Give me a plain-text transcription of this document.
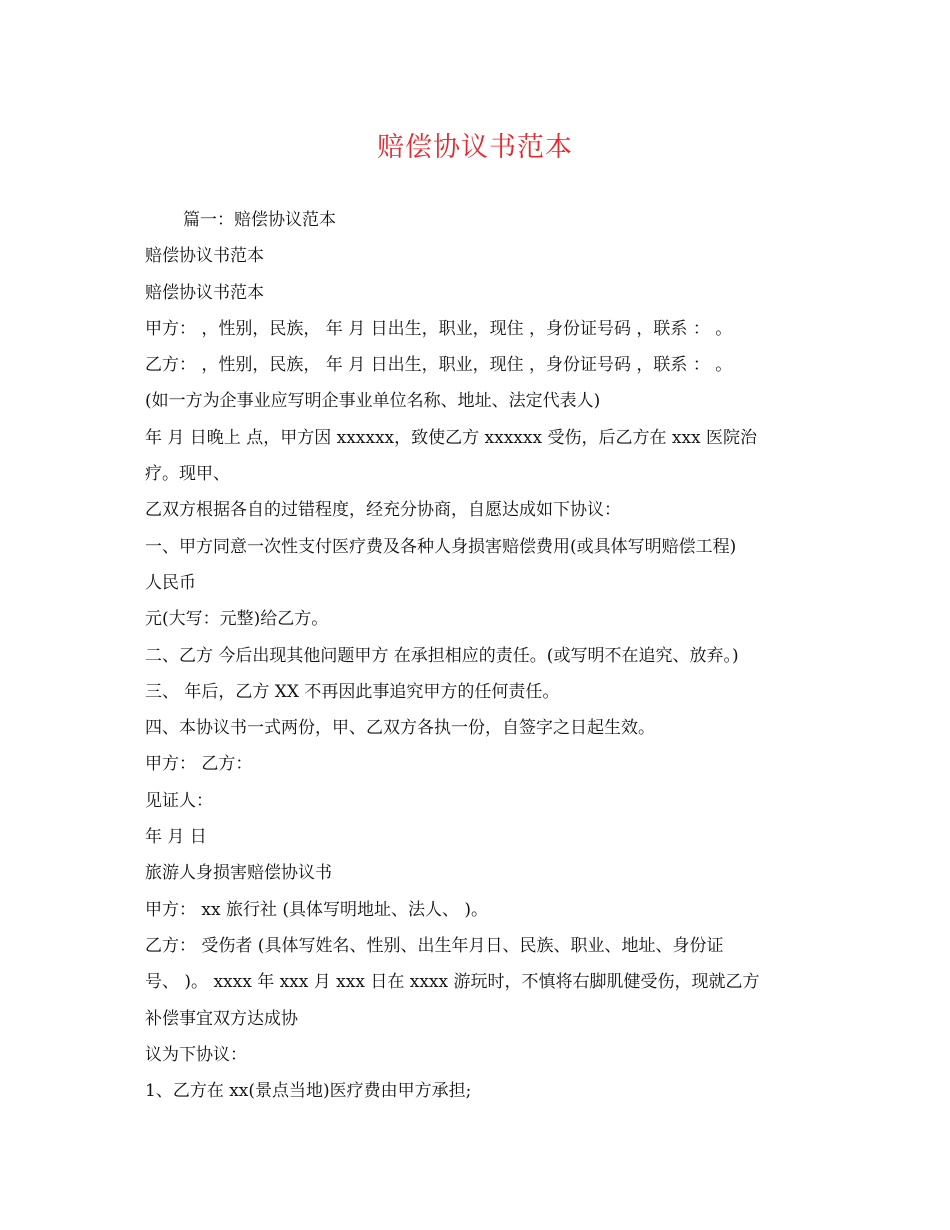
赔偿协议书范本
篇一：赔偿协议范本
赔偿协议书范本
赔偿协议书范本
甲方： ，性别，民族， 年 月 日出生，职业，现住 ，身份证号码 ，联系 ： 。
乙方： ，性别，民族， 年 月 日出生，职业，现住 ，身份证号码 ，联系 ： 。
(如一方为企事业应写明企事业单位名称、地址、法定代表人)
年 月 日晚上 点，甲方因 xxxxxx，致使乙方 xxxxxx 受伤，后乙方在 xxx 医院治
疗。现甲、
乙双方根据各自的过错程度，经充分协商，自愿达成如下协议：
一、甲方同意一次性支付医疗费及各种人身损害赔偿费用(或具体写明赔偿工程)
人民币
元(大写：元整)给乙方。
二、乙方 今后出现其他问题甲方 在承担相应的责任。(或写明不在追究、放弃。)
三、 年后，乙方 XX 不再因此事追究甲方的任何责任。
四、本协议书一式两份，甲、乙双方各执一份，自签字之日起生效。
甲方： 乙方：
见证人：
年 月 日
旅游人身损害赔偿协议书
甲方： xx 旅行社 (具体写明地址、法人、 )。
乙方： 受伤者 (具体写姓名、性别、出生年月日、民族、职业、地址、身份证
号、 )。 xxxx 年 xxx 月 xxx 日在 xxxx 游玩时，不慎将右脚肌健受伤，现就乙方
补偿事宜双方达成协
议为下协议：
1、乙方在 xx(景点当地)医疗费由甲方承担;
